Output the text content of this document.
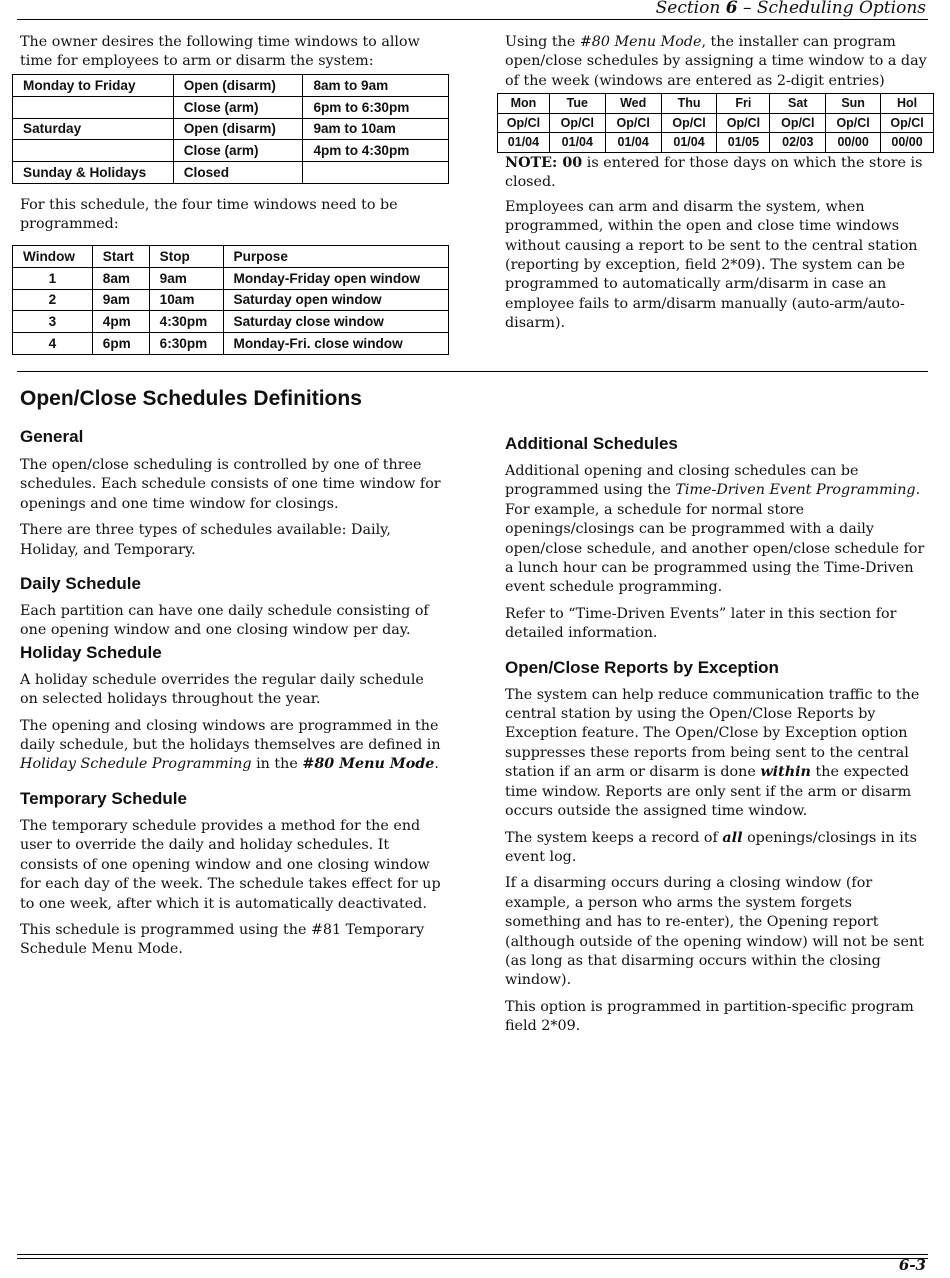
Section 6 – Scheduling Options

The owner desires the following time windows to allow time for employees to arm or disarm the system:

Monday to Friday	Open (disarm)	8am to 9am
	Close (arm)	6pm to 6:30pm
Saturday	Open (disarm)	9am to 10am
	Close (arm)	4pm to 4:30pm
Sunday & Holidays	Closed	

For this schedule, the four time windows need to be programmed:

Window	Start	Stop	Purpose
1	8am	9am	Monday-Friday open window
2	9am	10am	Saturday open window
3	4pm	4:30pm	Saturday close window
4	6pm	6:30pm	Monday-Fri. close window

Using the #80 Menu Mode, the installer can program open/close schedules by assigning a time window to a day of the week (windows are entered as 2-digit entries)

Mon	Tue	Wed	Thu	Fri	Sat	Sun	Hol
Op/Cl	Op/Cl	Op/Cl	Op/Cl	Op/Cl	Op/Cl	Op/Cl	Op/Cl
01/04	01/04	01/04	01/04	01/05	02/03	00/00	00/00

NOTE: 00 is entered for those days on which the store is closed.

Employees can arm and disarm the system, when programmed, within the open and close time windows without causing a report to be sent to the central station (reporting by exception, field 2*09). The system can be programmed to automatically arm/disarm in case an employee fails to arm/disarm manually (auto-arm/auto-disarm).

Open/Close Schedules Definitions
General

The open/close scheduling is controlled by one of three schedules. Each schedule consists of one time window for openings and one time window for closings.

There are three types of schedules available: Daily, Holiday, and Temporary.

Daily Schedule

Each partition can have one daily schedule consisting of one opening window and one closing window per day.

Holiday Schedule

A holiday schedule overrides the regular daily schedule on selected holidays throughout the year.

The opening and closing windows are programmed in the daily schedule, but the holidays themselves are defined in Holiday Schedule Programming in the #80 Menu Mode.

Temporary Schedule

The temporary schedule provides a method for the end user to override the daily and holiday schedules. It consists of one opening window and one closing window for each day of the week. The schedule takes effect for up to one week, after which it is automatically deactivated.

This schedule is programmed using the #81 Temporary Schedule Menu Mode.

Additional Schedules

Additional opening and closing schedules can be programmed using the Time-Driven Event Programming. For example, a schedule for normal store openings/closings can be programmed with a daily open/close schedule, and another open/close schedule for a lunch hour can be programmed using the Time-Driven event schedule programming.

Refer to “Time-Driven Events” later in this section for detailed information.

Open/Close Reports by Exception

The system can help reduce communication traffic to the central station by using the Open/Close Reports by Exception feature. The Open/Close by Exception option suppresses these reports from being sent to the central station if an arm or disarm is done within the expected time window. Reports are only sent if the arm or disarm occurs outside the assigned time window.

The system keeps a record of all openings/closings in its event log.

If a disarming occurs during a closing window (for example, a person who arms the system forgets something and has to re-enter), the Opening report (although outside of the opening window) will not be sent (as long as that disarming occurs within the closing window).

This option is programmed in partition-specific program field 2*09.

6-3
